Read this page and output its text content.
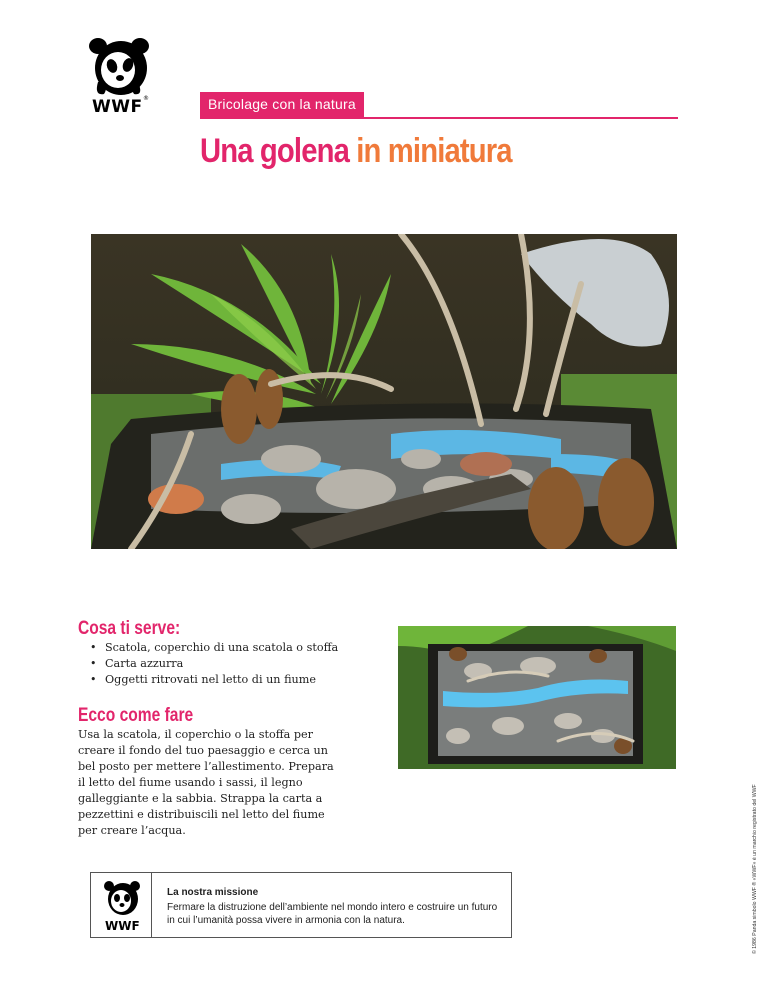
WWF ®	Bricolage con la natura
Una golena in miniatura
Cosa ti serve:
• Scatola, coperchio di una scatola o stoffa
• Carta azzurra
• Oggetti ritrovati nel letto di un fiume
Ecco come fare

Usa la scatola, il coperchio o la stoffa per creare il fondo del tuo paesaggio e cerca un bel posto per mettere l’allestimento. Prepara il letto del fiume usando i sassi, il legno galleggiante e la sabbia. Strappa la carta a pezzettini e distribuiscili nel letto del fiume per creare l’acqua.

WWF

La nostra missione

Fermare la distruzione dell’ambiente nel mondo intero e costruire un futuro in cui l’umanità possa vivere in armonia con la natura.	© 1986 Panda simbolo WWF ® «WWF» è un marchio registrato del WWF
